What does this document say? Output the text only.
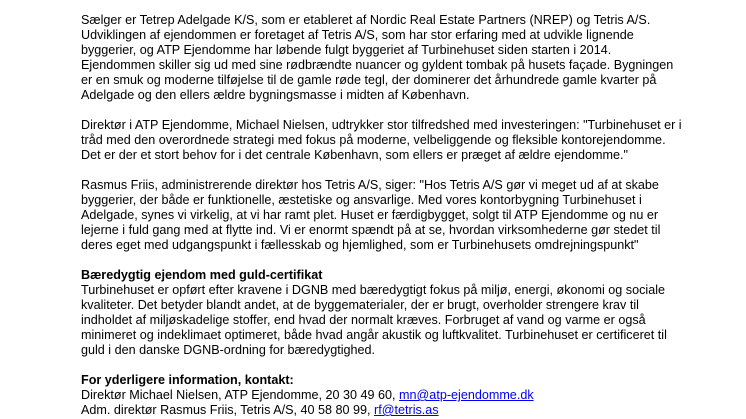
Sælger er Tetrep Adelgade K/S, som er etableret af Nordic Real Estate Partners (NREP) og Tetris A/S.
Udviklingen af ejendommen er foretaget af Tetris A/S, som har stor erfaring med at udvikle lignende
byggerier, og ATP Ejendomme har løbende fulgt byggeriet af Turbinehuset siden starten i 2014.
Ejendommen skiller sig ud med sine rødbrændte nuancer og gyldent tombak på husets façade. Bygningen
er en smuk og moderne tilføjelse til de gamle røde tegl, der dominerer det århundrede gamle kvarter på
Adelgade og den ellers ældre bygningsmasse i midten af København.

Direktør i ATP Ejendomme, Michael Nielsen, udtrykker stor tilfredshed med investeringen: "Turbinehuset er i
tråd med den overordnede strategi med fokus på moderne, velbeliggende og fleksible kontorejendomme.
Det er der et stort behov for i det centrale København, som ellers er præget af ældre ejendomme."

Rasmus Friis, administrerende direktør hos Tetris A/S, siger: "Hos Tetris A/S gør vi meget ud af at skabe
byggerier, der både er funktionelle, æstetiske og ansvarlige. Med vores kontorbygning Turbinehuset i
Adelgade, synes vi virkelig, at vi har ramt plet. Huset er færdigbygget, solgt til ATP Ejendomme og nu er
lejerne i fuld gang med at flytte ind. Vi er enormt spændt på at se, hvordan virksomhederne gør stedet til
deres eget med udgangspunkt i fællesskab og hjemlighed, som er Turbinehusets omdrejningspunkt"

Bæredygtig ejendom med guld-certifikat
Turbinehuset er opført efter kravene i DGNB med bæredygtigt fokus på miljø, energi, økonomi og sociale
kvaliteter. Det betyder blandt andet, at de byggematerialer, der er brugt, overholder strengere krav til
indholdet af miljøskadelige stoffer, end hvad der normalt kræves. Forbruget af vand og varme er også
minimeret og indeklimaet optimeret, både hvad angår akustik og luftkvalitet. Turbinehuset er certificeret til
guld i den danske DGNB-ordning for bæredygtighed.

For yderligere information, kontakt:
Direktør Michael Nielsen, ATP Ejendomme, 20 30 49 60, mn@atp-ejendomme.dk
Adm. direktør Rasmus Friis, Tetris A/S, 40 58 80 99, rf@tetris.as
